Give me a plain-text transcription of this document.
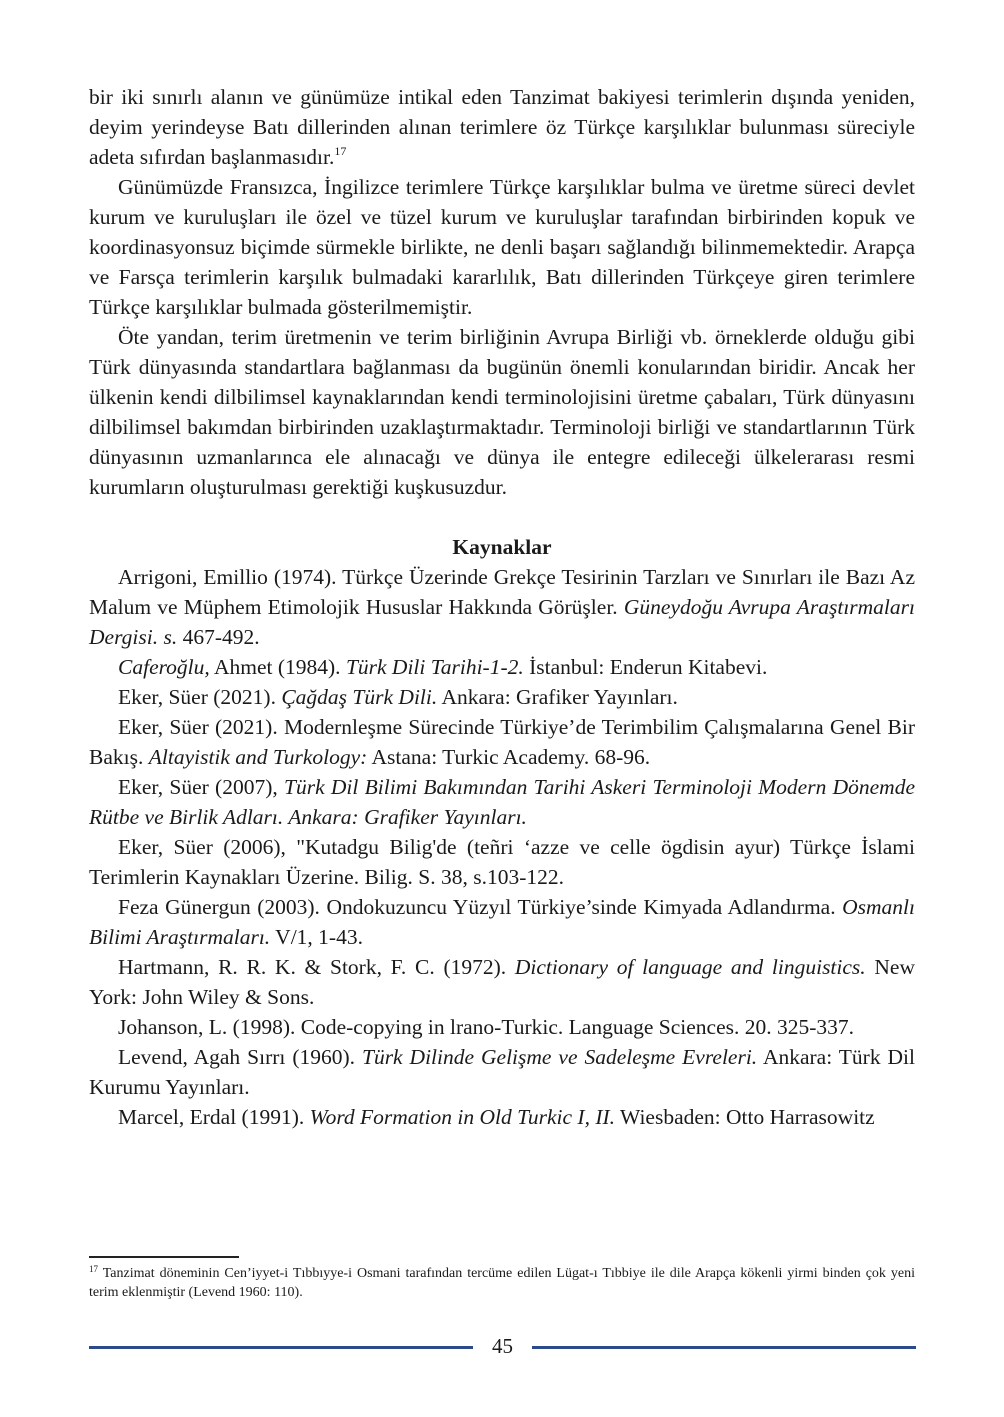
bir iki sınırlı alanın ve günümüze intikal eden Tanzimat bakiyesi terimlerin dışında yeniden, deyim yerindeyse Batı dillerinden alınan terimlere öz Türkçe karşılıklar bulunması süreciyle adeta sıfırdan başlanmasıdır.$^{17}$

Günümüzde Fransızca, İngilizce terimlere Türkçe karşılıklar bulma ve üretme süreci devlet kurum ve kuruluşları ile özel ve tüzel kurum ve kuruluşlar tarafından birbirinden kopuk ve koordinasyonsuz biçimde sürmekle birlikte, ne denli başarı sağlandığı bilinmemektedir. Arapça ve Farsça terimlerin karşılık bulmadaki kararlılık, Batı dillerinden Türkçeye giren terimlere Türkçe karşılıklar bulmada gösterilmemiştir.

Öte yandan, terim üretmenin ve terim birliğinin Avrupa Birliği vb. örneklerde olduğu gibi Türk dünyasında standartlara bağlanması da bugünün önemli konularından biridir. Ancak her ülkenin kendi dilbilimsel kaynaklarından kendi terminolojisini üretme çabaları, Türk dünyasını dilbilimsel bakımdan birbirinden uzaklaştırmaktadır. Terminoloji birliği ve standartlarının Türk dünyasının uzmanlarınca ele alınacağı ve dünya ile entegre edileceği ülkelerarası resmi kurumların oluşturulması gerektiği kuşkusuzdur.

Kaynaklar

Arrigoni, Emillio (1974). Türkçe Üzerinde Grekçe Tesirinin Tarzları ve Sınırları ile Bazı Az Malum ve Müphem Etimolojik Hususlar Hakkında Görüşler. Güneydoğu Avrupa Araştırmaları Dergisi. s. 467-492.

Caferoğlu, Ahmet (1984). Türk Dili Tarihi-1-2. İstanbul: Enderun Kitabevi.

Eker, Süer (2021). Çağdaş Türk Dili. Ankara: Grafiker Yayınları.

Eker, Süer (2021). Modernleşme Sürecinde Türkiye’de Terimbilim Çalışmalarına Genel Bir Bakış. Altayistik and Turkology: Astana: Turkic Academy. 68-96.

Eker, Süer (2007), Türk Dil Bilimi Bakımından Tarihi Askeri Terminoloji Modern Dönemde Rütbe ve Birlik Adları. Ankara: Grafiker Yayınları.

Eker, Süer (2006), "Kutadgu Bilig'de (teñri ‘azze ve celle ögdisin ayur) Türkçe İslami Terimlerin Kaynakları Üzerine. Bilig. S. 38, s.103-122.

Feza Günergun (2003). Ondokuzuncu Yüzyıl Türkiye’sinde Kimyada Adlandırma. Osmanlı Bilimi Araştırmaları. V/1, 1-43.

Hartmann, R. R. K. & Stork, F. C. (1972). Dictionary of language and linguistics. New York: John Wiley & Sons.

Johanson, L. (1998). Code-copying in lrano-Turkic. Language Sciences. 20. 325-337.

Levend, Agah Sırrı (1960). Türk Dilinde Gelişme ve Sadeleşme Evreleri. Ankara: Türk Dil Kurumu Yayınları.

Marcel, Erdal (1991). Word Formation in Old Turkic I, II. Wiesbaden: Otto Harrasowitz

$^{17}$ Tanzimat döneminin Cen’iyyet-i Tıbbıyye-i Osmani tarafından tercüme edilen Lügat-ı Tıbbiye ile dile Arapça kökenli yirmi binden çok yeni terim eklenmiştir (Levend 1960: 110).
45
